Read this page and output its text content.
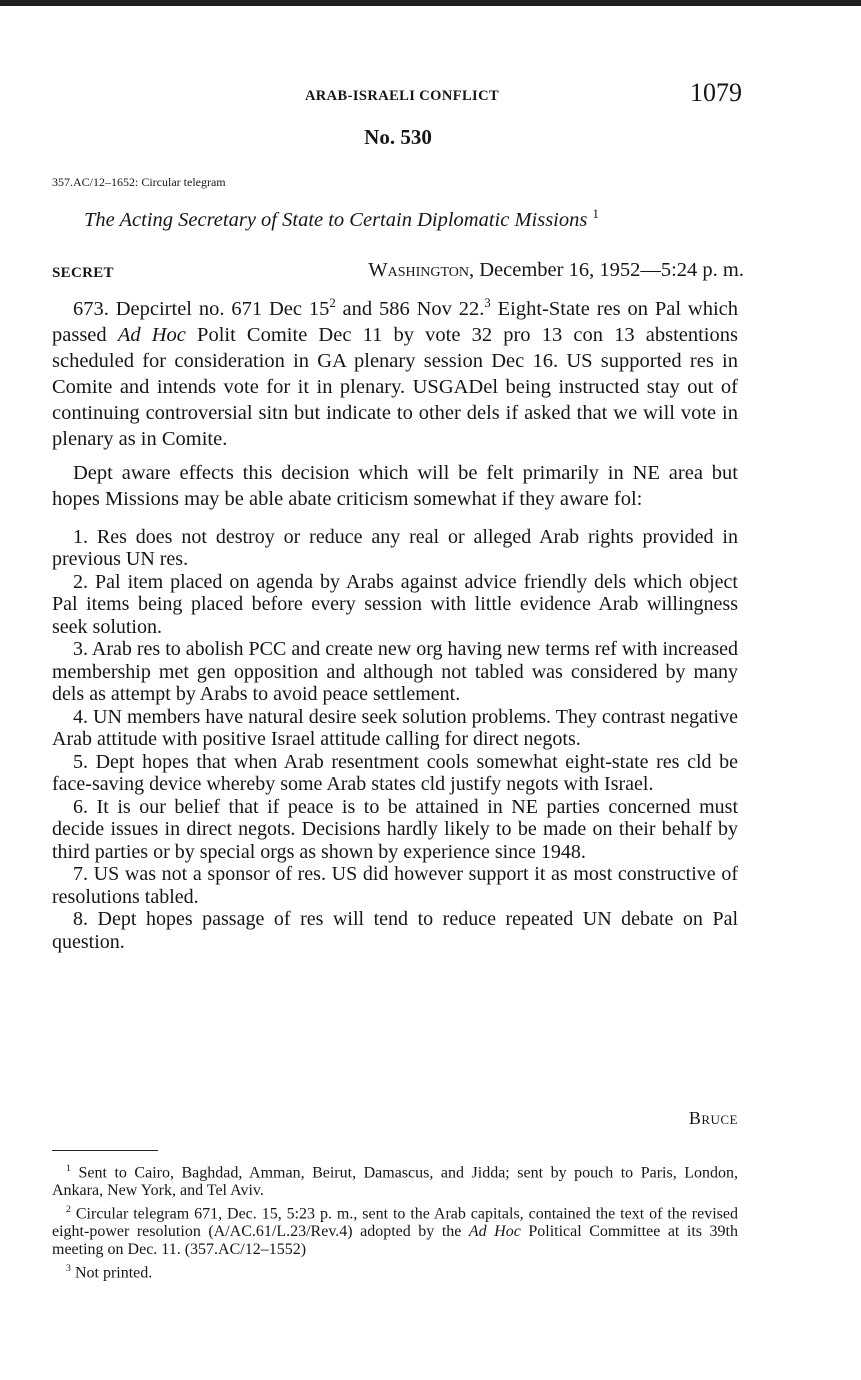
ARAB-ISRAELI CONFLICT	1079
No. 530
357.AC/12–1652: Circular telegram
The Acting Secretary of State to Certain Diplomatic Missions $^1$
SECRET	Washington, December 16, 1952—5:24 p. m.

673. Depcirtel no. 671 Dec $15^2$ and 586 Nov 22.$^3$ Eight-State res on Pal which passed Ad Hoc Polit Comite Dec 11 by vote 32 pro 13 con 13 abstentions scheduled for consideration in GA plenary session Dec 16. US supported res in Comite and intends vote for it in plenary. USGADel being instructed stay out of continuing controversial sitn but indicate to other dels if asked that we will vote in plenary as in Comite.

Dept aware effects this decision which will be felt primarily in NE area but hopes Missions may be able abate criticism somewhat if they aware fol:

1. Res does not destroy or reduce any real or alleged Arab rights provided in previous UN res.
2. Pal item placed on agenda by Arabs against advice friendly dels which object Pal items being placed before every session with little evidence Arab willingness seek solution.
3. Arab res to abolish PCC and create new org having new terms ref with increased membership met gen opposition and although not tabled was considered by many dels as attempt by Arabs to avoid peace settlement.
4. UN members have natural desire seek solution problems. They contrast negative Arab attitude with positive Israel attitude calling for direct negots.
5. Dept hopes that when Arab resentment cools somewhat eight-state res cld be face-saving device whereby some Arab states cld justify negots with Israel.
6. It is our belief that if peace is to be attained in NE parties concerned must decide issues in direct negots. Decisions hardly likely to be made on their behalf by third parties or by special orgs as shown by experience since 1948.
7. US was not a sponsor of res. US did however support it as most constructive of resolutions tabled.
8. Dept hopes passage of res will tend to reduce repeated UN debate on Pal question.
Bruce

$^1$ Sent to Cairo, Baghdad, Amman, Beirut, Damascus, and Jidda; sent by pouch to Paris, London, Ankara, New York, and Tel Aviv.

$^2$ Circular telegram 671, Dec. 15, 5:23 p. m., sent to the Arab capitals, contained the text of the revised eight-power resolution (A/AC.61/L.23/Rev.4) adopted by the Ad Hoc Political Committee at its 39th meeting on Dec. 11. (357.AC/12–1552)

$^3$ Not printed.
